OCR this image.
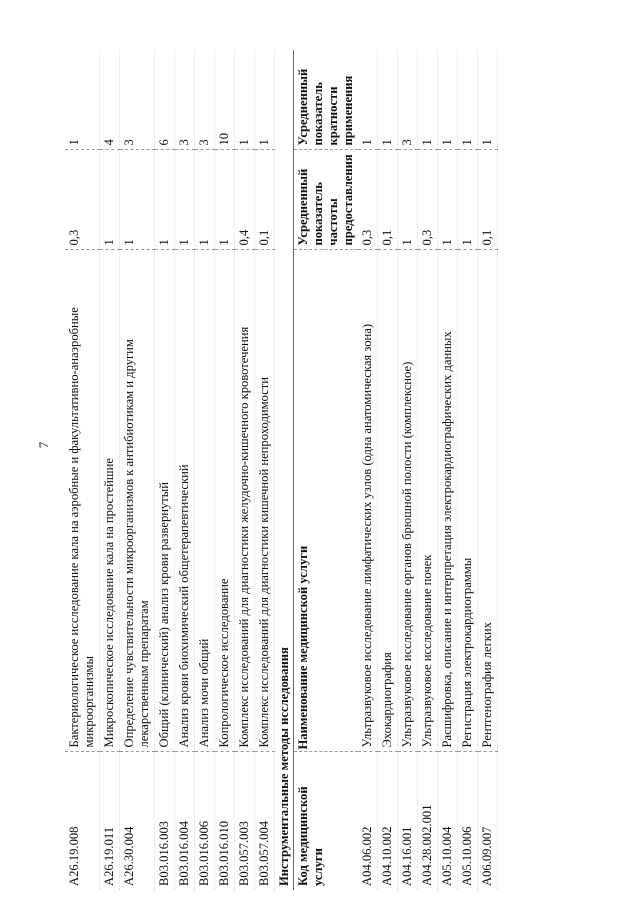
7
A26.19.008	Бактериологическое исследование кала на аэробные и факультативно-анаэробные микроорганизмы	0,3	1
A26.19.011	Микроскопическое исследование кала на простейшие	1	4
A26.30.004	Определение чувствительности микроорганизмов к антибиотикам и другим лекарственным препаратам	1	3
B03.016.003	Общий (клинический) анализ крови развернутый	1	6
B03.016.004	Анализ крови биохимический общетерапевтический	1	3
B03.016.006	Анализ мочи общий	1	3
B03.016.010	Копрологическое исследование	1	10
B03.057.003	Комплекс исследований для диагностики желудочно-кишечного кровотечения	0,4	1
B03.057.004	Комплекс исследований для диагностики кишечной непроходимости	0,1	1
Инструментальные методы исследования			
Код медицинской услуги	Наименование медицинской услуги	Усредненный показатель частоты предоставления	Усредненный показатель кратности применения
A04.06.002	Ультразвуковое исследование лимфатических узлов (одна анатомическая зона)	0,3	1
A04.10.002	Эхокардиография	0,1	1
A04.16.001	Ультразвуковое исследование органов брюшной полости (комплексное)	1	3
A04.28.002.001	Ультразвуковое исследование почек	0,3	1
A05.10.004	Расшифровка, описание и интерпретация электрокардиографических данных	1	1
A05.10.006	Регистрация электрокардиограммы	1	1
A06.09.007	Рентгенография легких	0,1	1
